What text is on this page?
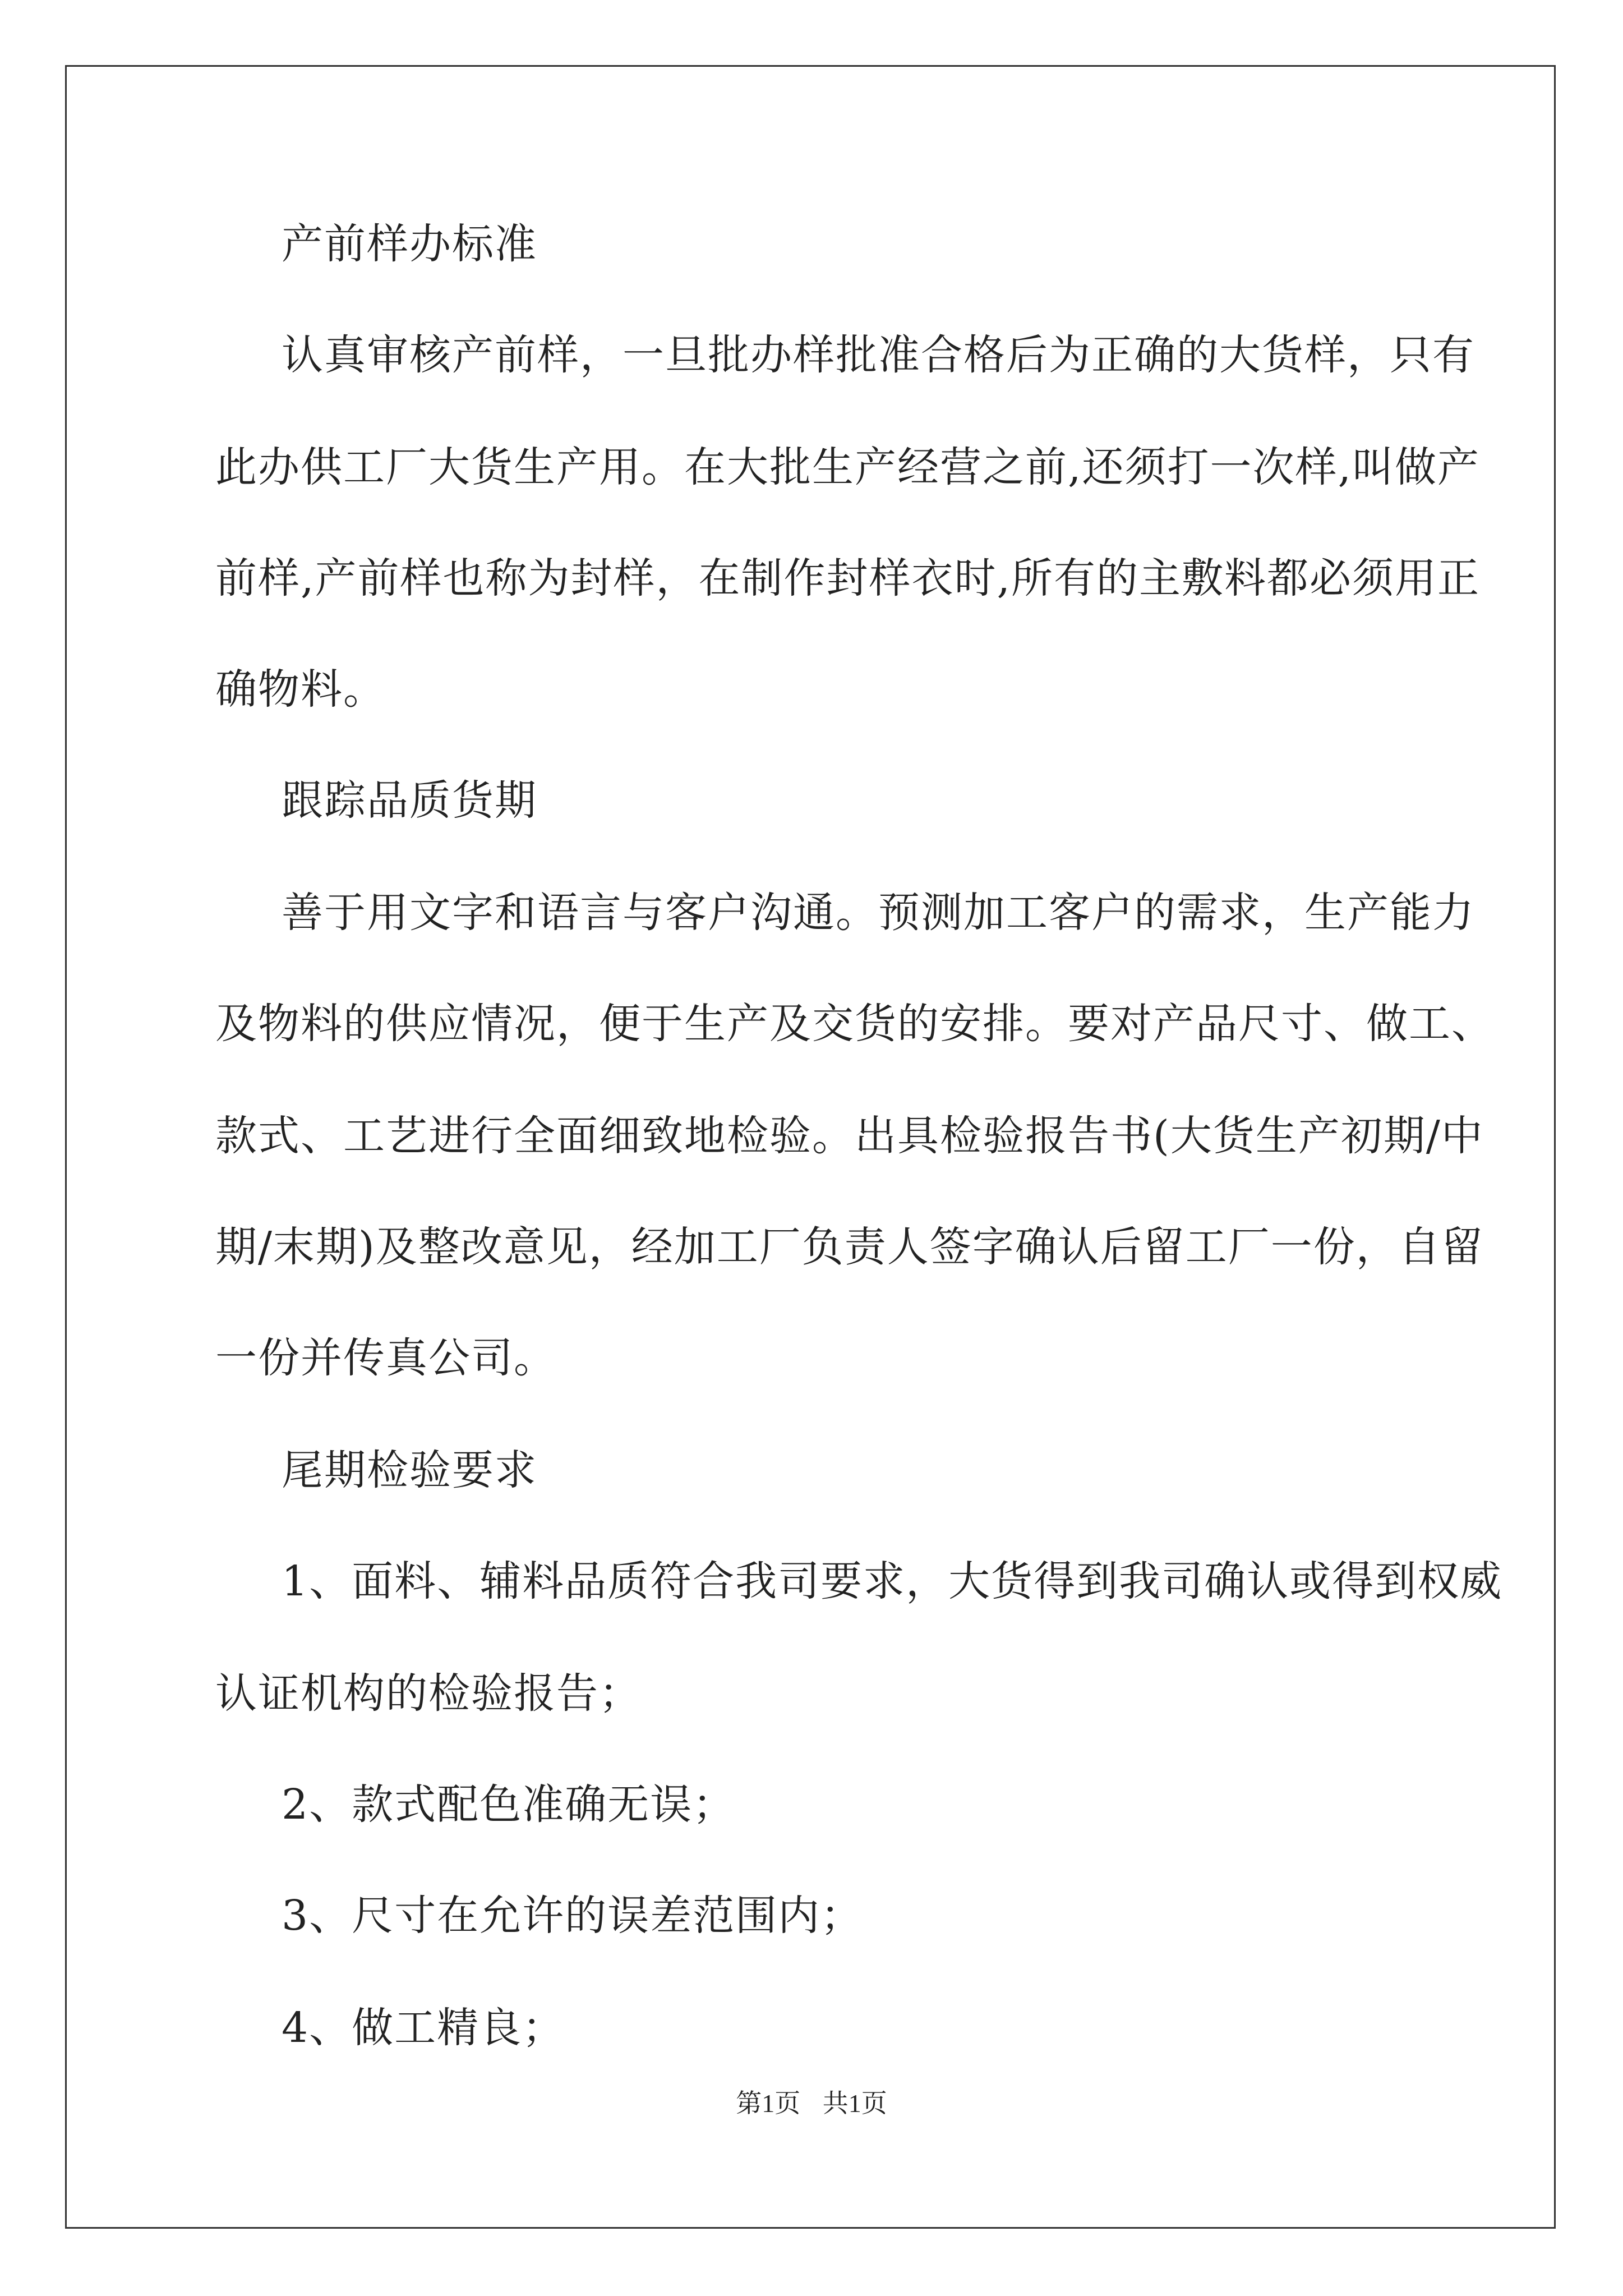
产前样办标准
认真审核产前样，一旦批办样批准合格后为正确的大货样，只有
此办供工厂大货生产用。在大批生产经营之前,还须打一次样,叫做产
前样,产前样也称为封样，在制作封样衣时,所有的主敷料都必须用正
确物料。
跟踪品质货期
善于用文字和语言与客户沟通。预测加工客户的需求，生产能力
及物料的供应情况，便于生产及交货的安排。要对产品尺寸、做工、
款式、工艺进行全面细致地检验。出具检验报告书(大货生产初期/中
期/末期)及整改意见，经加工厂负责人签字确认后留工厂一份，自留
一份并传真公司。
尾期检验要求
1、面料、辅料品质符合我司要求，大货得到我司确认或得到权威
认证机构的检验报告；
2、款式配色准确无误；
3、尺寸在允许的误差范围内；
4、做工精良；
第1页 共1页
